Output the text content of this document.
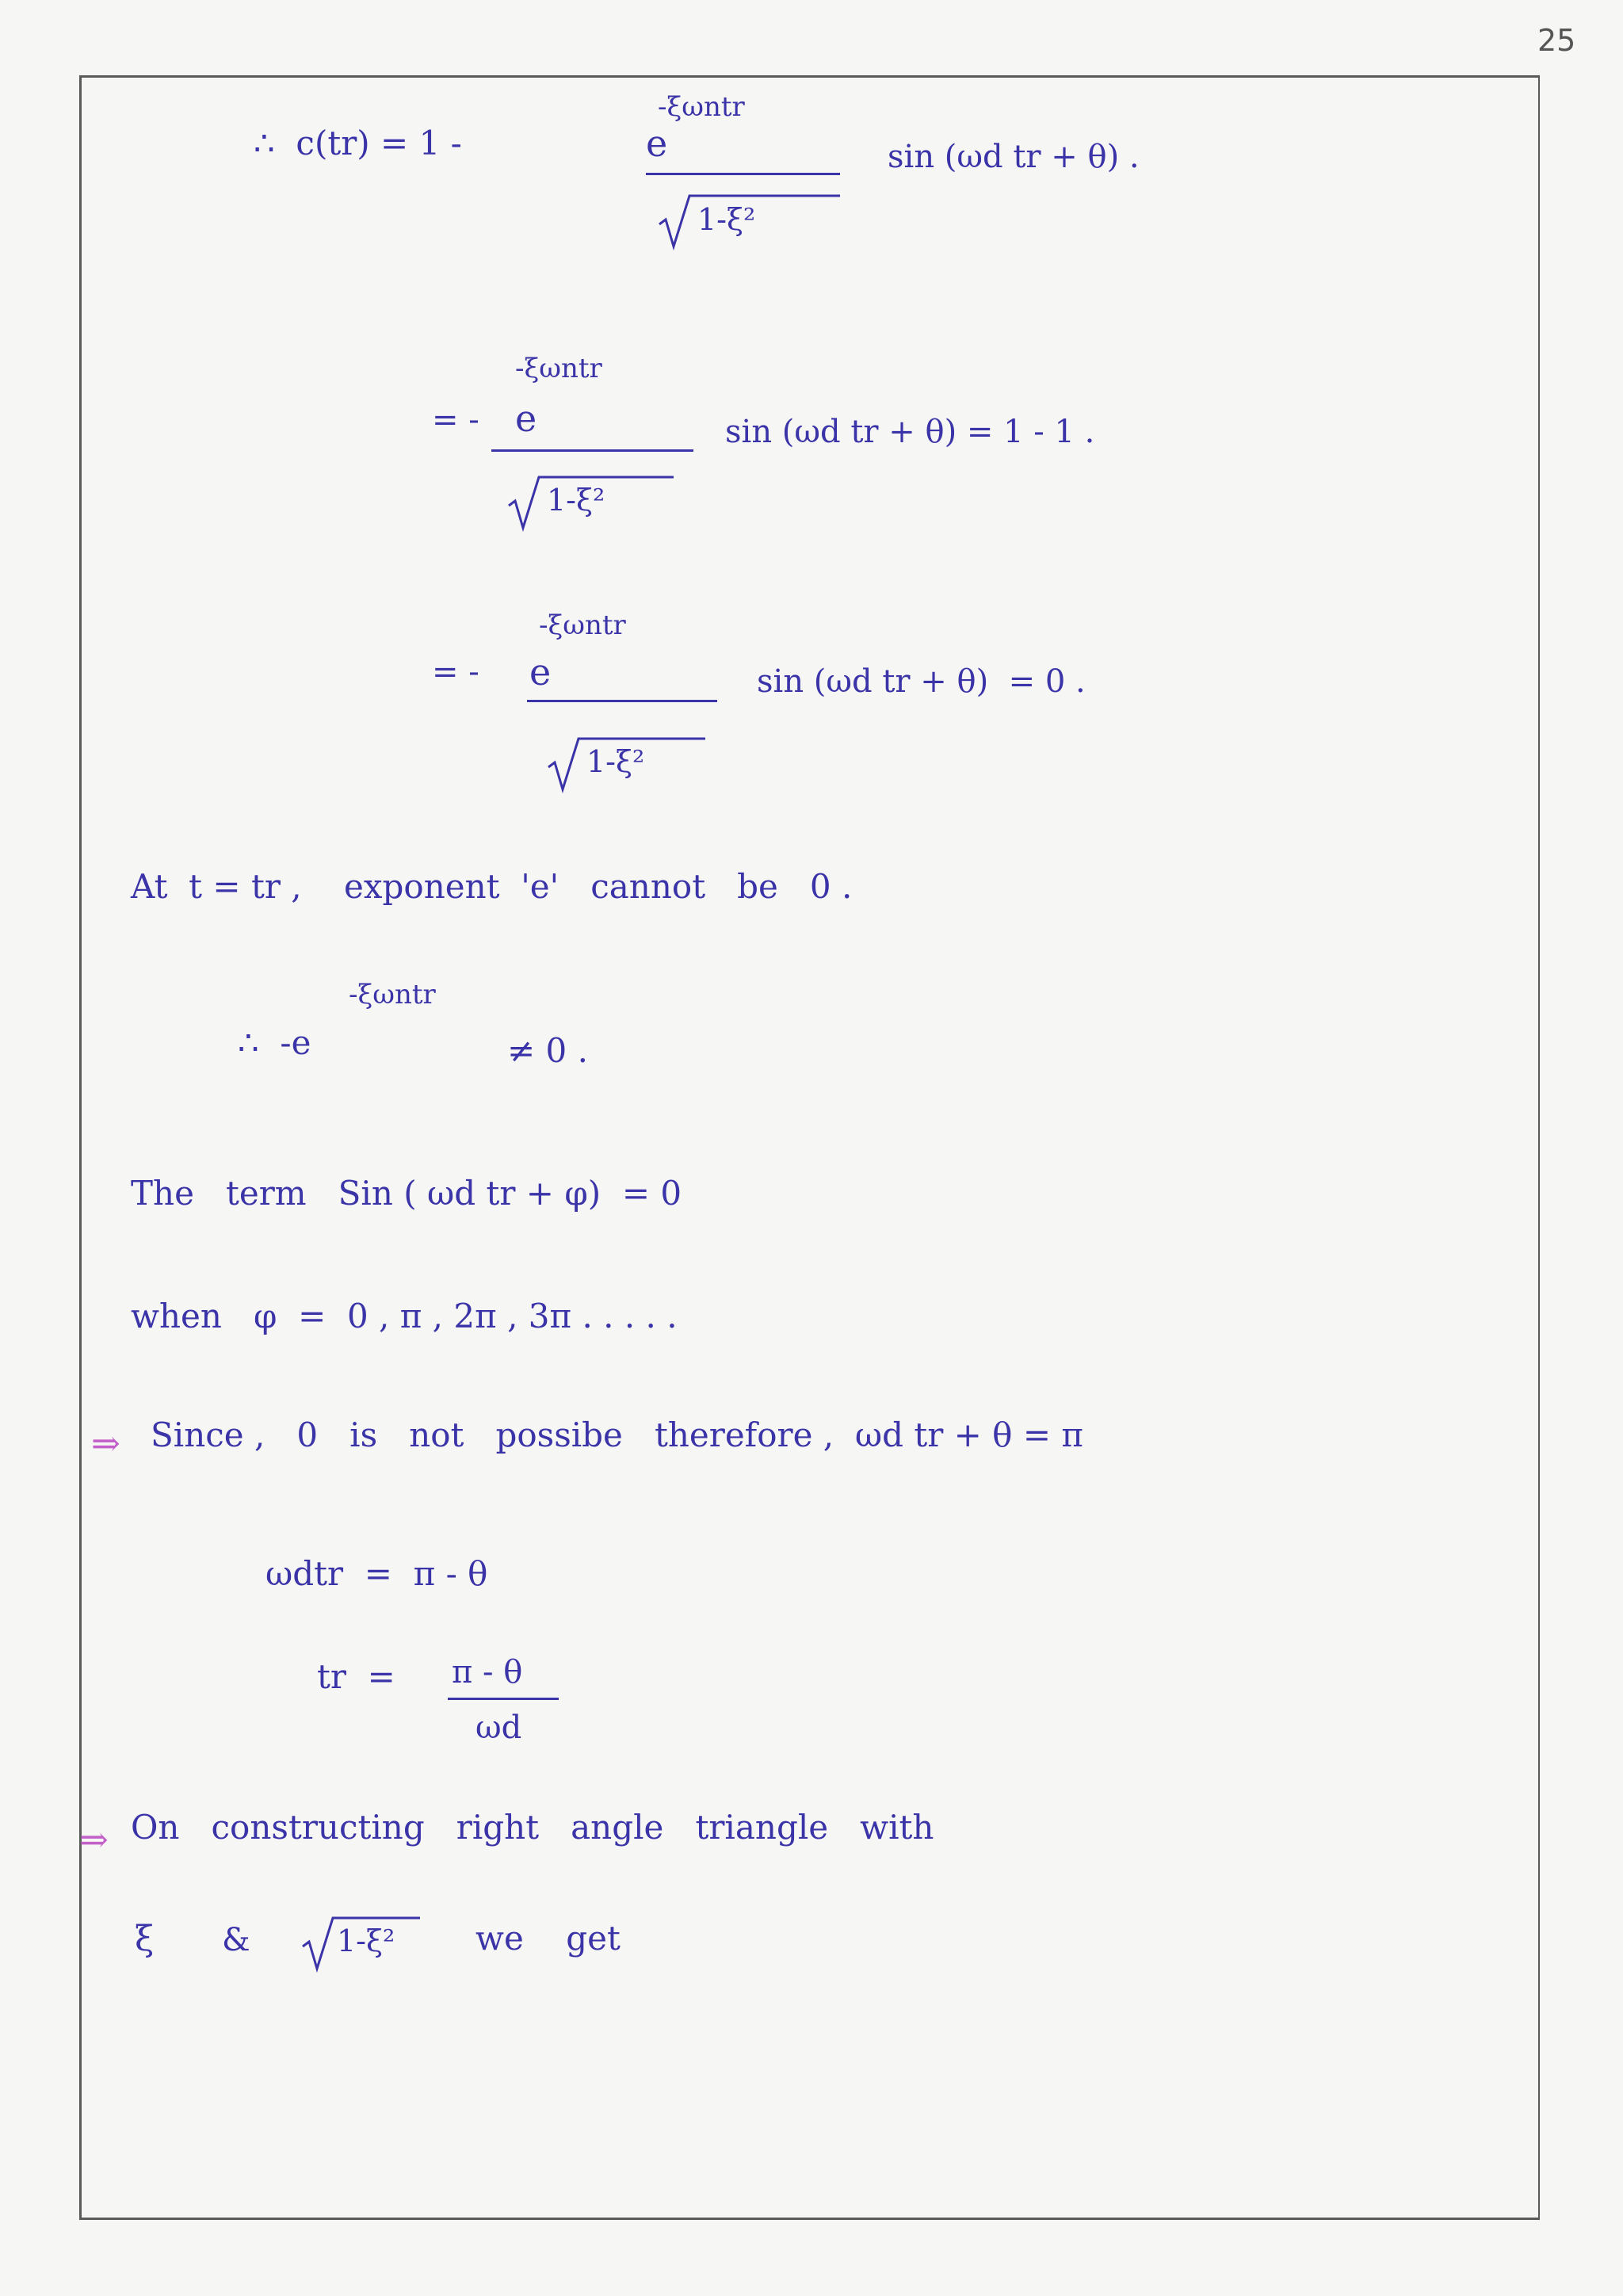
25
∴  c(tr) = 1 -
-ξωntr
e
1-ξ²
sin (ωd tr + θ) .
= -
-ξωntr
e
1-ξ²
sin (ωd tr + θ) = 1 - 1 .
= -
-ξωntr
e
1-ξ²
sin (ωd tr + θ)  = 0 .
At  t = tr ,    exponent  'e'   cannot   be   0 .
-ξωntr
∴  -e	≠ 0 .
The   term   Sin ( ωd tr + φ)  = 0
when   φ  =  0 , π , 2π , 3π . . . . .
⇒ Since ,   0   is   not   possibe   therefore ,  ωd tr + θ = π
ωdtr  =  π - θ
tr  = π - θ
ωd
⇒ On   constructing   right   angle   triangle   with
ξ &	1-ξ² we    get
